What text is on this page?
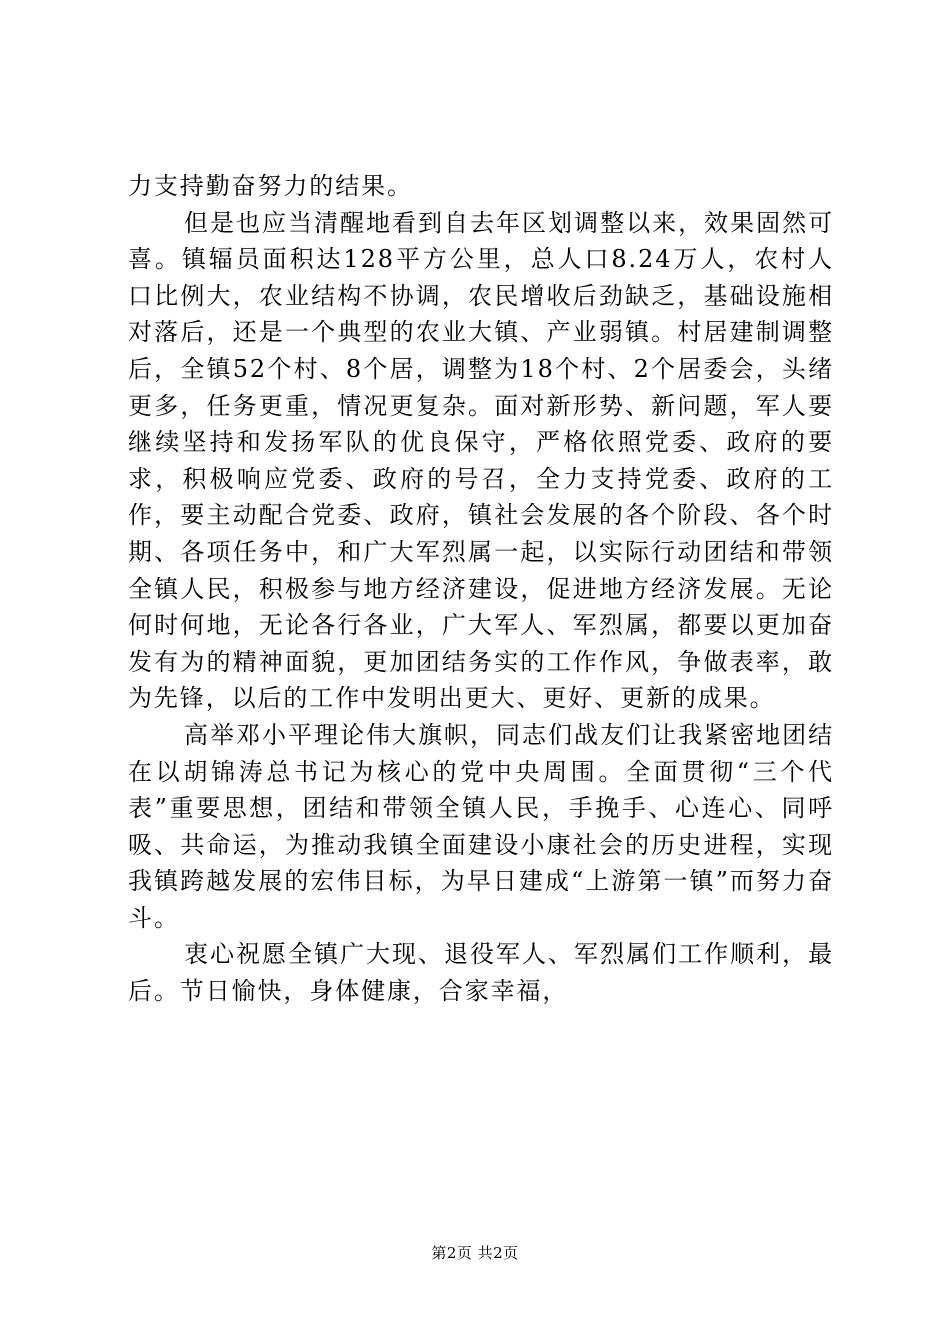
力支持勤奋努力的结果。

但是也应当清醒地看到自去年区划调整以来，效果固然可喜。镇辐员面积达128平方公里，总人口8.24万人，农村人口比例大，农业结构不协调，农民增收后劲缺乏，基础设施相对落后，还是一个典型的农业大镇、产业弱镇。村居建制调整后，全镇52个村、8个居，调整为18个村、2个居委会，头绪更多，任务更重，情况更复杂。面对新形势、新问题，军人要继续坚持和发扬军队的优良保守，严格依照党委、政府的要求，积极响应党委、政府的号召，全力支持党委、政府的工作，要主动配合党委、政府，镇社会发展的各个阶段、各个时期、各项任务中，和广大军烈属一起，以实际行动团结和带领全镇人民，积极参与地方经济建设，促进地方经济发展。无论何时何地，无论各行各业，广大军人、军烈属，都要以更加奋发有为的精神面貌，更加团结务实的工作作风，争做表率，敢为先锋，以后的工作中发明出更大、更好、更新的成果。

高举邓小平理论伟大旗帜，同志们战友们让我紧密地团结在以胡锦涛总书记为核心的党中央周围。全面贯彻“三个代表”重要思想，团结和带领全镇人民，手挽手、心连心、同呼吸、共命运，为推动我镇全面建设小康社会的历史进程，实现我镇跨越发展的宏伟目标，为早日建成“上游第一镇”而努力奋斗。

衷心祝愿全镇广大现、退役军人、军烈属们工作顺利，最后。节日愉快，身体健康，合家幸福，

第2页 共2页
